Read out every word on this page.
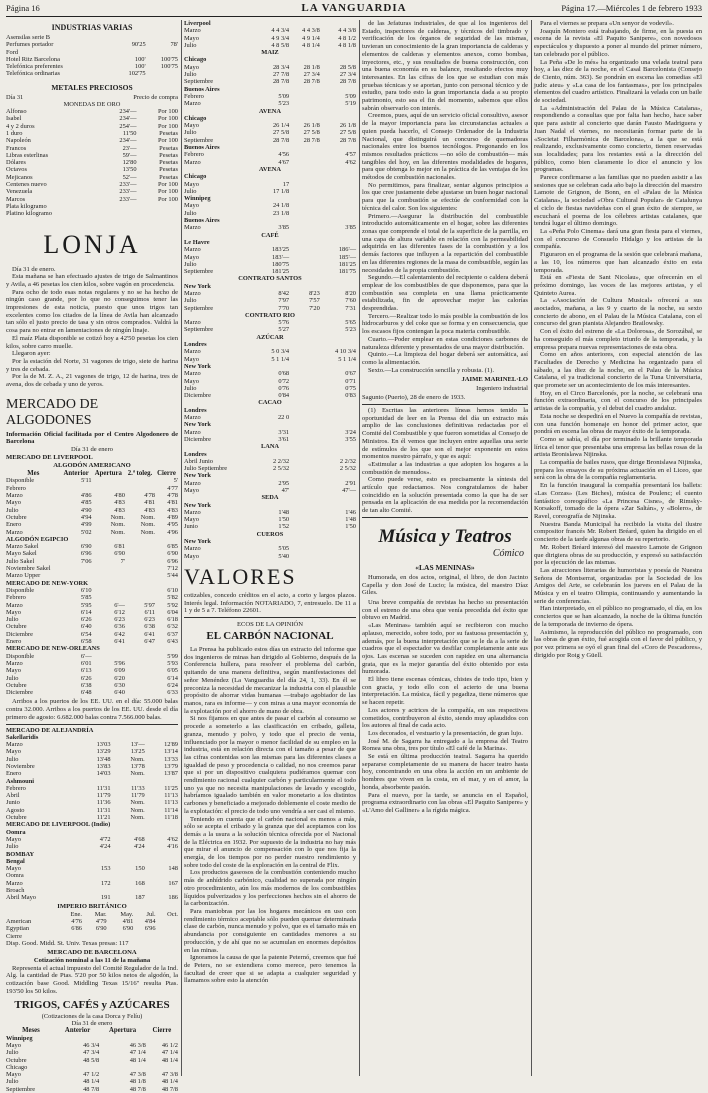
Página 16	LA VANGUARDIA	Página 17.—Miércoles 1 de febrero 1933
INDUSTRIAS VARIAS
Asensilas serie B		
Perfumes portador	90'25	78'
Ford		
Hotel Ritz Barcelona	100'	100'75
Telefónica preferentes	100'	100'75
Telefónica ordinarias	102'75	
METALES PRECIOSOS
Día 31	Precio de compra
MONEDAS DE ORO
Alfonso	234'—	Por 100
Isabel	234'—	Por 100
4 y 2 duros	254'—	Por 100
1 duro	11'50	Pesetas
Napoleón	234'—	Por 100
Francos	23'—	Pesetas
Libras esterlinas	59'—	Pesetas
Dólares	12'80	Pesetas
Octavos	13'50	Pesetas
Mejicanos	52'—	Pesetas
Centenes nuevo	233'—	Por 100
Venezuela	233'—	Por 100
Marcos	233'—	Por 100
Plata kilogramo		
Platino kilogramo		
LONJA

Día 31 de enero.

Esta mañana se han efectuado ajustes de trigo de Salmantinos y Avila, a 46 pesetas los cien kilos, sobre vagón en procedencia.

Para ocho de todo esas notas regulares y no se ha hecho de ningún caso grande, por lo que no conseguimos tener las impresiones de esta noticia, puesto que unos trigos tan excelentes como los citados de la línea de Avila han alcanzado tan sólo el justo precio de tasa y sin otros comprados. Valdrá la cosa para no entrar en lamentaciones de ningún linaje.

El maíz Plata disponible se cotizó hoy a 42'50 pesetas los cien kilos, sobre carro muelle.

Llegaron ayer:

Por la estación del Norte, 31 vagones de trigo, siete de harina y tres de cebada.

Por la de M. Z. A., 21 vagones de trigo, 12 de harina, tres de avena, dos de cebada y uno de yeros.

MERCADO DE ALGODONES

Información Oficial facilitada por el Centro Algodonero de Barcelona

Día 31 de enero
MERCADO DE LIVERPOOL
ALGODÓN AMERICANO
Mes	Anterior	Apertura	2.ª toleg.	Cierre
Disponible	5'11			5'
Febrero				4'77
Marzo	4'86	4'80	4'78	4'78
Mayo	4'85	4'83	4'81	4'81
Julio	4'90	4'83	4'83	4'83
Octubre	4'94	Nom.	Nom.	4'89
Enero	4'99	Nom.	Nom.	4'95
Marzo	5'02	Nom.	Nom.	4'96
ALGODÓN EGIPCIO				
Marzo Sakel	6'90	6'81		6'85
Mayo Sakel	6'96	6'90		6'90
Julio Sakel	7'06	7'		6'96
Noviembre Sakel				7'12
Marzo Upper				5'44
MERCADO DE NEW-YORK				
Disponible	6'10			6'10
Febrero	5'85			5'82
Marzo	5'95	6'—	5'97	5'92
Mayo	6'14	6'12	6'11	6'04
Julio	6'26	6'23	6'23	6'18
Octubre	6'40	6'36	6'38	6'32
Diciembre	6'54	6'42	6'41	6'37
Enero	6'58	6'41	6'47	6'43
MERCADO DE NEW-ORLEANS				
Disponible	6'—			5'99
Marzo	6'01	5'96		5'93
Mayo	6'13	6'09		6'05
Julio	6'26	6'20		6'14
Octubre	6'38	6'30		6'24
Diciembre	6'48	6'40		6'33

Arribos a los puertos de los EE. UU. en el día: 55.000 balas contra 32.000. Arribos a los puertos de los EE. UU. desde el día primero de agosto: 6.682.000 balas contra 7.566.000 balas.

MERCADO DE ALEJANDRÍA			
Sakellaridis			
Marzo	13'03	13'—		12'89
Mayo	13'29	13'25		13'14
Julio	13'48	Nom.		13'33
Noviembre	13'83	13'78		13'79
Enero	14'03	Nom.		13'87
Ashmouni			
Febrero	11'31	11'33		11'25
Abril	11'79	11'79		11'13
Junio	11'36	Nom.		11'13
Agosto	11'31	Nom.		11'14
Octubre	11'21	Nom.		11'18
MERCADO DE LIVERPOOL (Indio)			
Oomra			
Mayo	4'72	4'68		4'62
Julio	4'24	4'24		4'16
BOMBAY			
Bengal			
Mayo	153	150		148
Oomra				
Marzo	172	168		167
Broach				
Abril Mayo	191	187		186
IMPERIO BRITÁNICO
	Ene.	Mar.	May.	Jul.	Oct.
American	4'76	4'79	4'81	4'84	
Egyptian	6'86	6'90	6'90	6'96	
Cierre					

Disp. Good. Midd. St. Univ. Texas presas: 117

MERCADO DE BARCELONA
Cotización nominal a las 11 de la mañana

Representa el actual impuesto del Comité Regulador de la Ind. Alg. la cantidad de Ptas. 5'20 por 50 kilos netos de algodón, la cotización base Good. Middling Texas 15/16" resulta Ptas. 193'50 los 50 kilos.

TRIGOS, CAFÉS y AZÚCARES
(Cotizaciones de la casa Dorca y Felíu)
Día 31 de enero
Meses	Anterior	Apertura	Cierre
Winnipeg			
Mayo	46 3/4	46 3/8	46 1/2
Julio	47 3/4	47 1/4	47 1/4
Octubre	48 5/8	48 1/4	48 1/4
Chicago			
Mayo	47 1/2	47 3/8	47 3/8
Julio	48 1/4	48 1/8	48 1/4
Septiembre	48 7/8	48 7/8	48 7/8
Liverpool			
Marzo	4 4 3/4	4 4 3/8	4 4 3/8
Mayo	4 9 3/4	4 9 1/4	4 8 1/2
Julio	4 8 5/8	4 8 1/4	4 8 1/8
MAIZ			
Chicago			
Mayo	28 3/4	28 1/8	28 5/8
Julio	27 7/8	27 3/4	27 3/4
Septiembre	28 7/8	28 7/8	28 7/8
Buenos Aires			
Febrero	5'09		5'09
Marzo	5'23		5'19
AVENA			
Chicago			
Mayo	26 1/4	26 1/8	26 1/8
Julio	27 5/8	27 5/8	27 5/8
Septiembre	28 7/8	28 7/8	28 7/8
Buenos Aires			
Febrero	4'56		4'57
Marzo	4'67		4'62
AVENA			
Chicago			
Mayo	17		
Julio	17 1/8		
Winnipeg			
Mayo	24 1/8		
Julio	23 1/8		
Buenos Aires			
Marzo	3'85		3'85
CAFÉ			
Le Havre			
Marzo	183'25		186'—
Mayo	183'—		185'—
Julio	180'75		181'25
Septiembre	181'25		181'75
CONTRATO SANTOS			
New York			
Marzo	8'42	8'23	8'20
Julio	7'97	7'57	7'60
Septiembre	7'70	7'20	7'31
CONTRATO RIO			
Marzo	5'76		5'65
Septiembre	5'27		5'23
AZÚCAR			
Londres			
Marzo	5 0 3/4		4 10 3/4
Mayo	5 1 1/4		5 1 1/4
New York			
Marzo	0'68		0'67
Mayo	0'72		0'71
Julio	0'76		0'75
Diciembre	0'84		0'83
CACAO			
Londres			
Marzo	22 0		
New York			
Marzo	3'31		3'24
Diciembre	3'61		3'55
LANA			
Londres			
Abril Junio	2 2/32		2 2/32
Julio Septiembre	2 5/32		2 5/32
New York			
Marzo	2'95		2'91
Mayo	47'		47'—
SEDA			
New York			
Marzo	1'48		1'46
Mayo	1'50		1'48
Junio	1'52		1'50
CUEROS			
New York			
Marzo	5'05		
Mayo	5'40		
VALORES

cotizables, concedo créditos en el acto, a corto y largos plazos. Interés legal. Información NOTARIADO, 7, entresuelo. De 11 a 1 y de 5 a 7. Teléfono 22601.

ECOS DE LA OPINIÓN
EL CARBÓN NACIONAL

La Prensa ha publicado estos días un extracto del informe que dos ingenieros de minas han dirigido al Gobierno, después de la Conferencia hullera, para resolver el problema del carbón, quitando de una manera definitiva, según manifestaciones del señor Menéndez (La Vanguardia del día 24, 1, 33). En él se preconiza la necesidad de mecanizar la industria con el plausible propósito de ahorrar vidas humanas —trabajo agobiador de las manos, rara es informe— y con miras a una mayor economía de la explotación por el ahorro de mano de obra.

Si nos fijamos en que antes de pasar el carbón al consumo se procede a someterlo a las clasificación en cribado, galleta, granza, menudo y polvo, y todo que el precio de venta, influenciado por la mayor o menor facilidad de su empleo en la industria, está en relación directa con el tamaño a pesar de que las cifras contenidas son las mismas para las diferentes clases a igualdad de peso y procedencia o calidad, no nos creemos parar que si por un dispositivo cualquiera pudiéramos quemar con rendimiento racional cualquier carbón y particularmente el todo uno ya que no necesita manipulaciones de lavado y escogido, habríamos igualado también en valor monetario a los distintos carbones y beneficiado a mejorado doblemente el coste medio de la explotación: el precio de todo uno vendría a ser casi el mismo.

Teniendo en cuenta que el carbón nacional es menos a más, sólo se acepta el cribado y la granza que del aceptamos con los demás a la usura a la solución técnica ofrecida por el Nacional de la Eléctrica en 1932. Por supuesto de la industria no hay más que mirar el anuncio de compensación con lo que nos fija la energía, de los tiempos por no perder nuestro rendimiento y sobre todo del coste de la exploración en la central de Flix.

Los productos gaseosos de la combustión conteniendo mucho más de anhídrido carbónico, cualidad no superada por ningún otro procedimiento, aún los más modernos de los combustibles líquidos pulverizados y los perfecciones hechos sin el ahorro de la carbonización.

Para maniobras por las los hogares mecánicos en uso con rendimiento térmico aceptable sólo pueden quemar determinada clase de carbón, nunca menudo y polvo, que es el tamaño más en abundancia por consiguiente en cantidades menores a su producción, y de ahí que no se acumulan en enormes depósitos en las minas.

Ignoramos la causa de que la patente Peternó, creemos que fué de Peters, no se extendiera como merece, pero tenemos la facultad de creer que si se adapta a cualquier seguridad y llamamos sobre esto la atención

de las Jefaturas industriales, de que al los ingenieros del Estado, inspectores de calderas, y técnicos del timbrado y verificación de los órganos de seguridad de las mismas, tuvieran un conocimiento de la gran importancia de calderas y elementos de calderas y elementos anexos, como bombas, inyectores, etc., y sus resultados de buena construcción, con una buena economía en su balance, resultando efectos muy interesantes. En las cifras de los que se estudian con más pruebas técnicas y se aportan, junto con personal técnico y de estudio, para todo esto la gran importancia dada a su propio patrimonio, esto sea el fin del momento, sabemos que ellos sabrán observarlo con interés.

Creemos, pues, aquí de un servicio oficial consultivo, asesor de la mayor importancia para las circunstancias actuales a quien pueda hacerlo, el Consejo Ordenador de la Industria Nacional, que distinguirá un concurso de quemadoras nacionales entre los buenos tecnólogos. Pregonando en los mismos resultados prácticos —no sólo de combustión— más tangibles del hoy, en las diferentes modalidades de hogares, para que obtenga lo mejor en la práctica de las ventajas de los métodos de combustión nacionales.

No permitimos, para finalizar, sentar algunos principios a los que cree justamente debe ajustarse un buen hogar nacional para que la combustión se efectúe de conformidad con la técnica del calor. Son los siguientes:

Primero.—Asegurar la distribución del combustible introducido automáticamente en el hogar, sobre las diferentes zonas que comprende el total de la superficie de la parrilla, en una capa de altura variable en relación con la permeabilidad adquirida en las diferentes fases de la combustión y a los demás factores que influyen a la repartición del combustible en las diferentes regiones de la masa de combustible, según las necesidades de la propia combustión.

Segundo.—El calentamiento del recipiente o caldera deberá emplear de los combustibles de que disponemos, para que la combustión sea completa en una llama prácticamente estabilizada, fin de aprovechar mejor las calorías desprendidas.

Tercero.—Realizar todo lo más posible la combustión de los hidrocarburos y del coke que se forma y en consecuencia, que los escasos fijos contengan la poca materia combustible.

Cuarto.—Poder emplear en estas condiciones carbones de naturaleza diferente y presentados de una mayor distribución.

Quinto.—La limpieza del hogar deberá ser automática, así como la alimentación.

Sexto.—La construcción sencilla y robusta. (1).

JAIME MARINEL·LO
Ingeniero industrial

Sagunto (Puerto), 28 de enero de 1933.

(1) Escritas las anteriores líneas hemos tenido la oportunidad de leer en la Prensa del día un extracto más amplio de las conclusiones definitivas redactadas por el Comité del Combustible y que fueron sometidas al Consejo de Ministros. En él vemos que incluyen entre aquellas una serie de estímulos de los que son el mejor exponente en estos momentos nuestro párrafo, y que es aquí:

«Estimular a las industrias a que adopten los hogares a la combustión de menudos».

Como puede verse, esto es precisamente la síntesis del artículo que redactamos. Nos congratulamos de haber coincidido en la solución presentada como la que ha de ser pensada en la aplicación de esa medida por la recomendación de tan alto Comité.

Música y Teatros
Cómico
«LAS MENINAS»

Humorada, en dos actos, original, el libro, de don Jacinto Capella y don José de Lucio; la música, del maestro Díaz Giles.

Una breve compañía de revistas ha hecho su presentación con el estreno de una obra que venía precedida del éxito que obtuvo en Madrid.

«Las Meninas» también aquí se recibieron con mucho aplauso, merecido, sobre todo, por su fastuosa presentación y, además, por la buena interpretación que se le da a la serie de cuadros que el espectador va desfilar completamente ante sus ojos. Las escenas se suceden con rapidez en una alternancia grata, que es la mejor garantía del éxito obtenido por esta humorada.

El libro tiene escenas cómicas, chistes de todo tipo, bien y con gracia, y todo ello con el acierto de una buena interpretación. La música, fácil y pegadiza, tiene números que se hacen repetir.

Los actores y actrices de la compañía, en sus respectivos cometidos, contribuyeron al éxito, siendo muy aplaudidos con los autores al final de cada acto.

Los decorados, el vestuario y la presentación, de gran lujo.

José M. de Sagarra ha entregado a la empresa del Teatro Romea una obra, tres por título «El café de la Marina».

Se está en última producción teatral. Sagarra ha querido separarse completamente de su manera de hacer teatro hasta hoy, concentrando en una obra la acción en un ambiente de hombres que viven en la costa, en el mar, y en el amor, la honda, absorbente pasión.

Para el nuevo, por la tarde, se anuncia en el Español, programa extraordinario con las obras «El Paquito Sanipere» y «L'Amo del Galliner» a la rígida mágica.

Para el viernes se prepara «Un senyor de vodevil».

Joaquín Montero está trabajando, de firme, en la puesta en escena de la revista «El Paquito Sanipere», con novedosos espectáculos y dispuesto a poner al mundo del primer número, tan celebrado por el público.

La Peña «De lo més» ha organizado una velada teatral para hoy, a las diez de la noche, en el Casal Barcelonista (Consejo de Ciento, núm. 363). Se pondrán en escena las comedias «El judic ateu» y «La casa de los fantasmas», por los principales elementos del cuadro artístico. Finalizará la velada con un baile de sociedad.

La «Administración del Palau de la Música Catalana», respondiendo a consultas que por falta han hecho, hace saber que para asistir al concierto que darán Fausto Madriguera y Juan Nadal el viernes, no necesitarán formar parte de la «Societat Filharmònica de Barcelona», a la que se está realizando, exclusivamente como concierto, tienen reservadas sus localidades; para los restantes está a la dirección del público, como bien claramente lo dice el anuncio y los programas.

Parece confirmarse a las familias que no pueden asistir a las sesiones que se celebran cada año bajo la dirección del maestro Lamote de Grignon, de Bonn, en el «Palau de la Música Catalana», la sociedad «Obra Cultural Popular» de Catalunya el ciclo de fiestas navideñas con el gran éxito de siempre, se escuchará el poema de los célebres artistas catalanes, que tendrá lugar el último domingo.

La «Peña Polo Cinema» dará una gran fiesta para el viernes, con el concurso de Consuelo Hidalgo y los artistas de la compañía.

Figuraron en el programa de la sesión que celebrará mañana, a las 10, los números que han alcanzado éxito en esta temporada.

Está en «Fiesta de Sant Nicolau», que ofrecerán en el próximo domingo, las voces de las mejores artistas, y el Quinteto Aurea.

La «Asociación de Cultura Musical» ofrecerá a sus asociados, mañana, a las 9 y cuarto de la noche, su sexto concierto de abono, en el Palau de la Música Catalana, con el concurso del gran pianista Alejandro Brailowsky.

Con el éxito del estreno de «La Dolorosa», de Sorozábal, se ha conseguido el más completo triunfo de la temporada, y la empresa prepara nuevas representaciones de esta obra.

Como en años anteriores, con especial atención de las Facultades de Derecho y Medicina ha organizado para el sábado, a las diez de la noche, en el Palau de la Música Catalana, el ya tradicional concierto de la Tuna Universitaria, que promete ser un acontecimiento de los más interesantes.

Hoy, en el Circo Barcelonés, por la noche, se celebrará una función extraordinaria, con el concurso de los principales artistas de la compañía, y el debut del cuadro andaluz.

Esta noche se despedirá en el Nuevo la compañía de revistas, con una función homenaje en honor del primer actor, que pondrá en escena las obras de mayor éxito de la temporada.

Como se sabía, el día por terminado la brillante temporada lírica el tenor que presentaba una empresa las bellas rosas de la artista Bronislawa Nijinska.

La compañía de bailes rusos, que dirige Bronislawa Nijinska, prepara los ensayos de su próxima actuación en el Liceo, que será con la obra de la compañía reglamentaria.

En la función inaugural la compañía presentará los ballets: «Las Corzas» (Les Biches), música de Poulenc; el cuento fantástico coreográfico «La Princesa Cisne», de Rimsky-Korsakoff, tomado de la ópera «Zar Saltán», y «Bolero», de Ravel, coreografía de Nijinska.

Nuestra Banda Municipal ha recibido la visita del ilustre compositor francés Mr. Robert Bréard, quien ha dirigido en el concierto de la tarde algunas obras de su repertorio.

Mr. Robert Bréard interesó del maestro Lamote de Grignon que dirigiera obras de su producción, y expresó su satisfacción por la ejecución de las mismas.

Las atracciones literarias de humoristas y poesía de Nuestra Señora de Montserrat, organizadas por la Sociedad de los Amigos del Arte, se celebrarán los jueves en el Palau de la Música y en el teatro Olimpia, continuando y aumentando la serie de conferencias.

Han interpretado, en el público no programado, el día, en los conciertos que se han alcanzado, la noche de la última función de la temporada de invierno de ópera.

Asimismo, la reproducción del público no programado, con las obras de gran éxito, fué acogida con el favor del público, y por vez primera se oyó el gran final del «Coro de Pescadores», dirigido por Roig y Güell.
